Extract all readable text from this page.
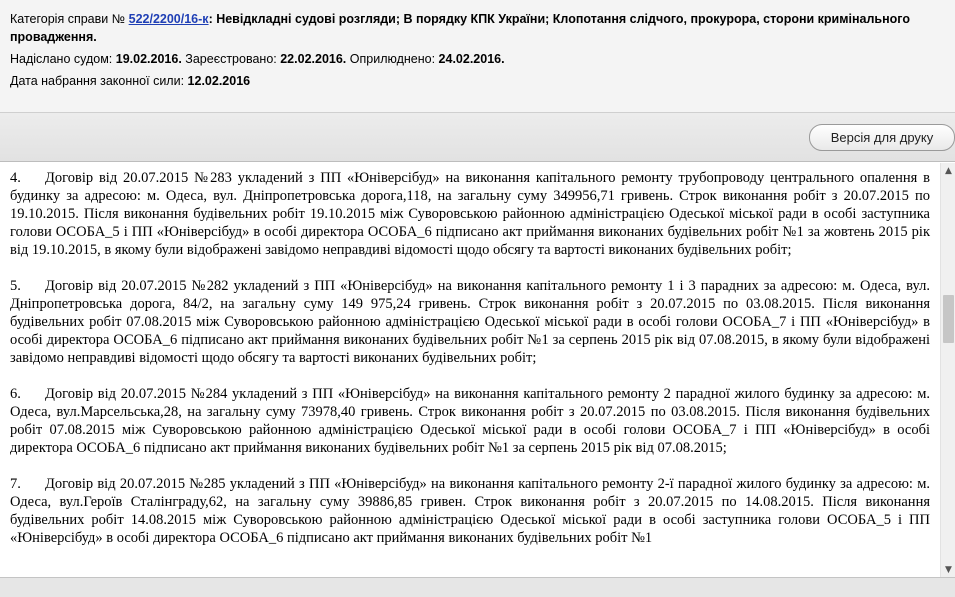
Категорія справи № 522/2200/16-к: Невідкладні судові розгляди; В порядку КПК України; Клопотання слідчого, прокурора, сторони кримінального провадження.

Надіслано судом: 19.02.2016. Зареєстровано: 22.02.2016. Оприлюднено: 24.02.2016.

Дата набрання законної сили: 12.02.2016

Версія для друку

4. Договір від 20.07.2015 №283 укладений з ПП «Юніверсібуд» на виконання капітального ремонту трубопроводу центрального опалення в будинку за адресою: м. Одеса, вул. Дніпропетровська дорога,118, на загальну суму 349956,71 гривень. Строк виконання робіт з 20.07.2015 по 19.10.2015. Після виконання будівельних робіт 19.10.2015 між Суворовською районною адміністрацією Одеської міської ради в особі заступника голови ОСОБА_5 і ПП «Юніверсібуд» в особі директора ОСОБА_6 підписано акт приймання виконаних будівельних робіт №1 за жовтень 2015 рік від 19.10.2015, в якому були відображені завідомо неправдиві відомості щодо обсягу та вартості виконаних будівельних робіт;

5. Договір від 20.07.2015 №282 укладений з ПП «Юніверсібуд» на виконання капітального ремонту 1 і 3 парадних за адресою: м. Одеса, вул. Дніпропетровська дорога, 84/2, на загальну суму 149 975,24 гривень. Строк виконання робіт з 20.07.2015 по 03.08.2015. Після виконання будівельних робіт 07.08.2015 між Суворовською районною адміністрацією Одеської міської ради в особі голови ОСОБА_7 і ПП «Юніверсібуд» в особі директора ОСОБА_6 підписано акт приймання виконаних будівельних робіт №1 за серпень 2015 рік від 07.08.2015, в якому були відображені завідомо неправдиві відомості щодо обсягу та вартості виконаних будівельних робіт;

6. Договір від 20.07.2015 №284 укладений з ПП «Юніверсібуд» на виконання капітального ремонту 2 парадної жилого будинку за адресою: м. Одеса, вул.Марсельська,28, на загальну суму 73978,40 гривень. Строк виконання робіт з 20.07.2015 по 03.08.2015. Після виконання будівельних робіт 07.08.2015 між Суворовською районною адміністрацією Одеської міської ради в особі голови ОСОБА_7 і ПП «Юніверсібуд» в особі директора ОСОБА_6 підписано акт приймання виконаних будівельних робіт №1 за серпень 2015 рік від 07.08.2015;

7. Договір від 20.07.2015 №285 укладений з ПП «Юніверсібуд» на виконання капітального ремонту 2-ї парадної жилого будинку за адресою: м. Одеса, вул.Героїв Сталінграду,62, на загальну суму 39886,85 гривен. Строк виконання робіт з 20.07.2015 по 14.08.2015. Після виконання будівельних робіт 14.08.2015 між Суворовською районною адміністрацією Одеської міської ради в особі заступника голови ОСОБА_5 і ПП «Юніверсібуд» в особі директора ОСОБА_6 підписано акт приймання виконаних будівельних робіт №1

▲
▼
